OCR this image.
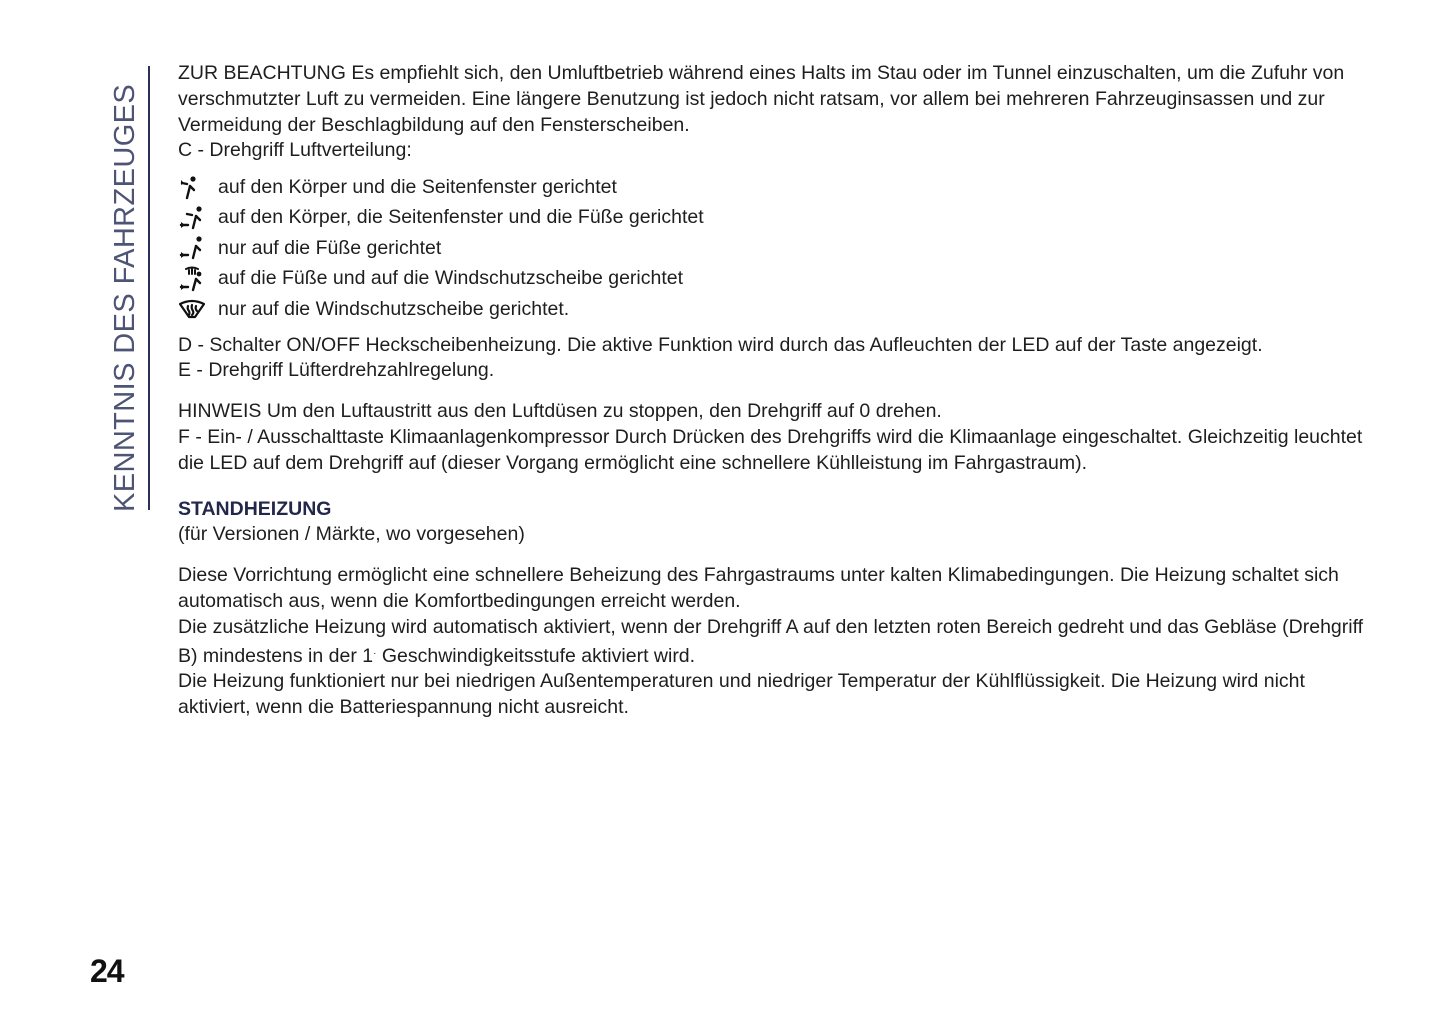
KENNTNIS DES FAHRZEUGES

ZUR BEACHTUNG Es empfiehlt sich, den Umluftbetrieb während eines Halts im Stau oder im Tunnel einzuschalten, um die Zufuhr von verschmutzter Luft zu vermeiden. Eine längere Benutzung ist jedoch nicht ratsam, vor allem bei mehreren Fahrzeuginsassen und zur Vermeidung der Beschlagbildung auf den Fensterscheiben.

C - Drehgriff Luftverteilung:

auf den Körper und die Seitenfenster gerichtet
auf den Körper, die Seitenfenster und die Füße gerichtet
nur auf die Füße gerichtet
auf die Füße und auf die Windschutzscheibe gerichtet
nur auf die Windschutzscheibe gerichtet.

D - Schalter ON/OFF Heckscheibenheizung. Die aktive Funktion wird durch das Aufleuchten der LED auf der Taste angezeigt.

E - Drehgriff Lüfterdrehzahlregelung.

HINWEIS Um den Luftaustritt aus den Luftdüsen zu stoppen, den Drehgriff auf 0 drehen.

F - Ein- / Ausschalttaste Klimaanlagenkompressor Durch Drücken des Drehgriffs wird die Klimaanlage eingeschaltet. Gleichzeitig leuchtet die LED auf dem Drehgriff auf (dieser Vorgang ermöglicht eine schnellere Kühlleistung im Fahrgastraum).

STANDHEIZUNG

(für Versionen / Märkte, wo vorgesehen)

Diese Vorrichtung ermöglicht eine schnellere Beheizung des Fahrgastraums unter kalten Klimabedingungen. Die Heizung schaltet sich automatisch aus, wenn die Komfortbedingungen erreicht werden.

Die zusätzliche Heizung wird automatisch aktiviert, wenn der Drehgriff A auf den letzten roten Bereich gedreht und das Gebläse (Drehgriff B) mindestens in der 1· Geschwindigkeitsstufe aktiviert wird.

Die Heizung funktioniert nur bei niedrigen Außentemperaturen und niedriger Temperatur der Kühlflüssigkeit. Die Heizung wird nicht aktiviert, wenn die Batteriespannung nicht ausreicht.

24
